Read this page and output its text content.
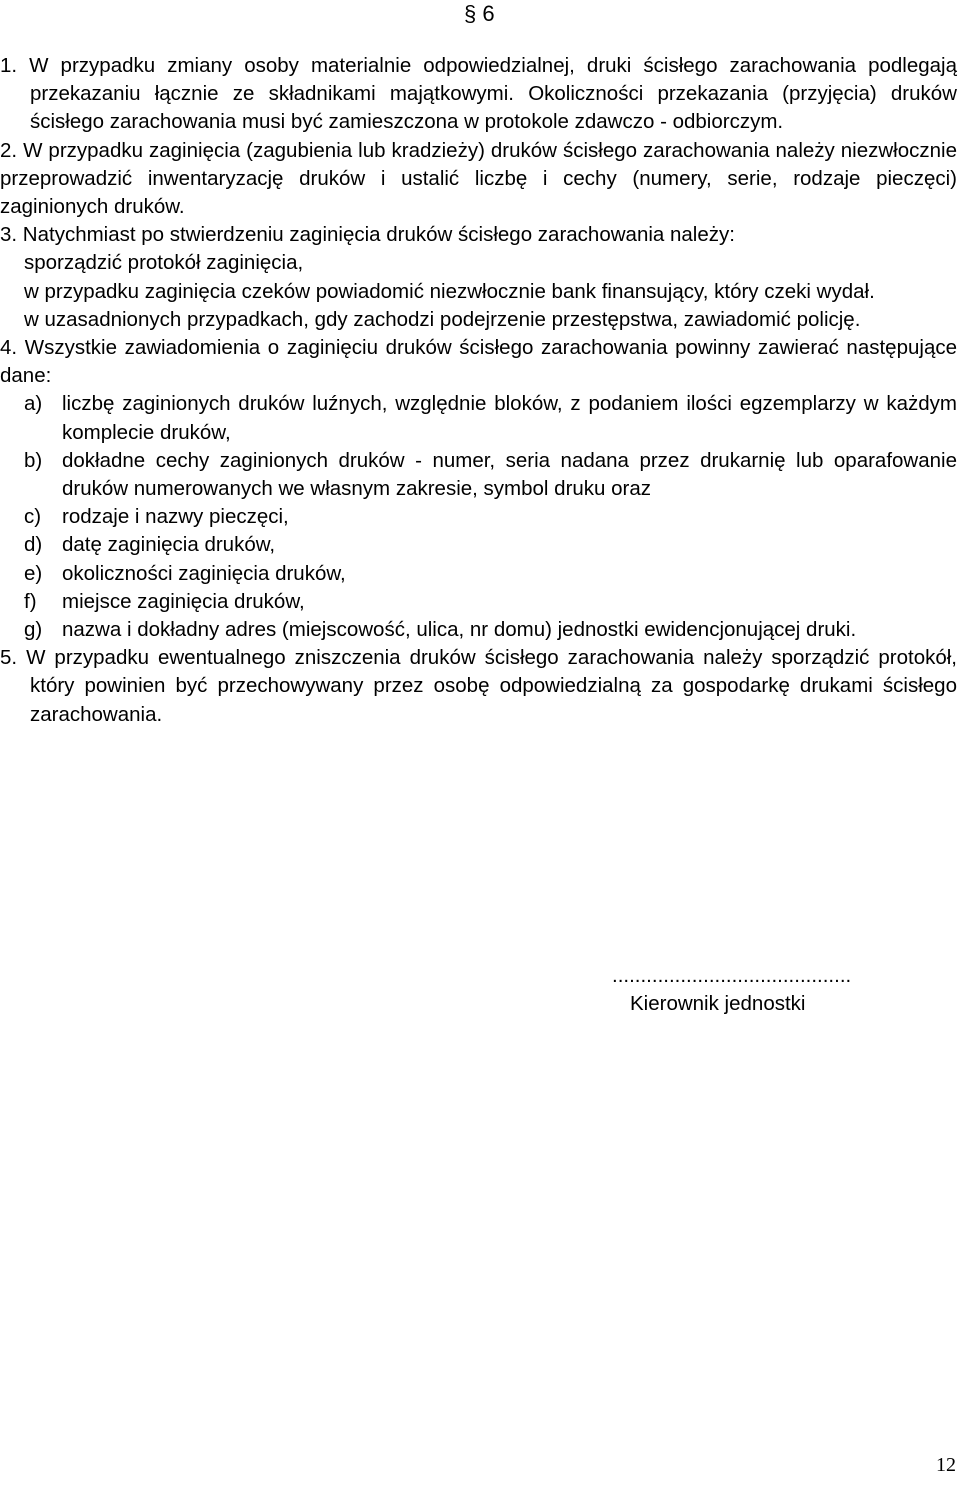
§ 6

1. W przypadku zmiany osoby materialnie odpowiedzialnej, druki ścisłego zarachowania podlegają przekazaniu łącznie ze składnikami majątkowymi. Okoliczności przekazania (przyjęcia) druków ścisłego zarachowania musi być zamieszczona w protokole zdawczo - odbiorczym.

2. W przypadku zaginięcia (zagubienia lub kradzieży) druków ścisłego zarachowania należy niezwłocznie przeprowadzić inwentaryzację druków i ustalić liczbę i cechy (numery, serie, rodzaje pieczęci) zaginionych druków.

3. Natychmiast po stwierdzeniu zaginięcia druków ścisłego zarachowania należy:

sporządzić protokół zaginięcia,

w przypadku zaginięcia czeków powiadomić niezwłocznie bank finansujący, który czeki wydał.

w uzasadnionych przypadkach, gdy zachodzi podejrzenie przestępstwa, zawiadomić policję.

4. Wszystkie zawiadomienia o zaginięciu druków ścisłego zarachowania powinny zawierać następujące dane:

a) liczbę zaginionych druków luźnych, względnie bloków, z podaniem ilości egzemplarzy w każdym komplecie druków,
b) dokładne cechy zaginionych druków - numer, seria nadana przez drukarnię lub oparafowanie druków numerowanych we własnym zakresie, symbol druku oraz
c)	rodzaje i nazwy pieczęci,
d) datę zaginięcia druków,
e) okoliczności zaginięcia druków,
f)	miejsce zaginięcia druków,
g) nazwa i dokładny adres (miejscowość, ulica, nr domu) jednostki ewidencjonującej druki.

5. W przypadku ewentualnego zniszczenia druków ścisłego zarachowania należy sporządzić protokół, który powinien być przechowywany przez osobę odpowiedzialną za gospodarkę drukami ścisłego zarachowania.

..........................................
Kierownik jednostki
12
